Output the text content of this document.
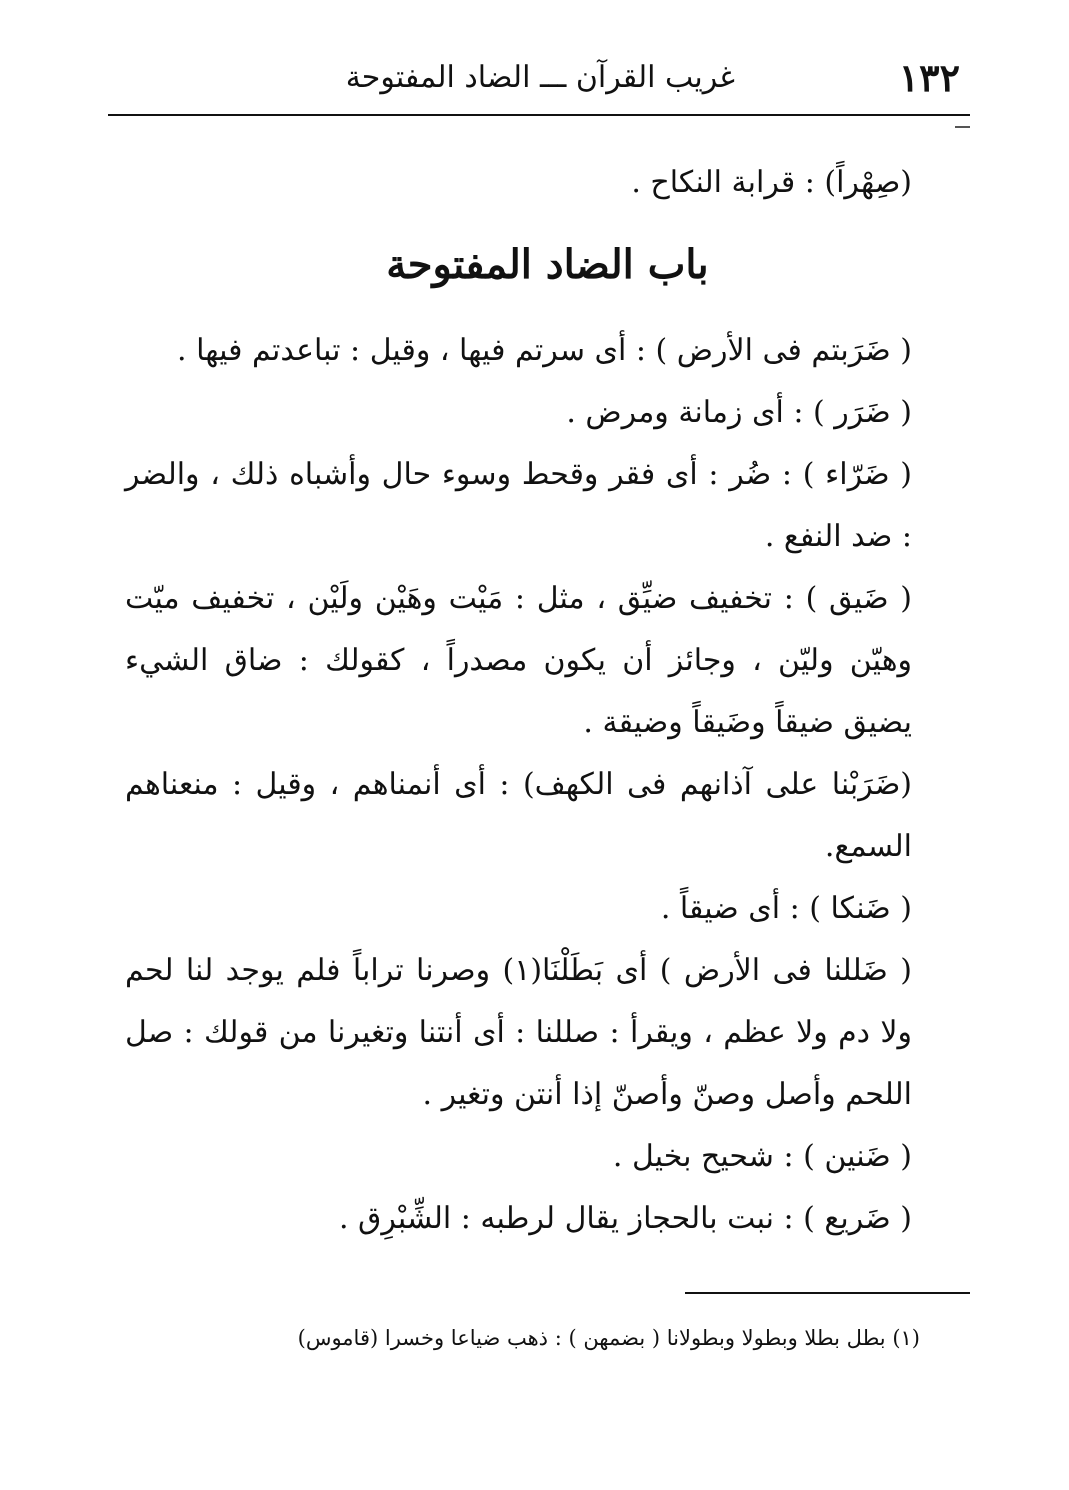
١٣٢
غريب القرآن ـــ الضاد المفتوحة

(صِهْراً) : قرابة النكاح .

باب الضاد المفتوحة

( ضَرَبتم فى الأرض ) : أى سرتم فيها ، وقيل : تباعدتم فيها .

( ضَرَر ) : أى زمانة ومرض .

( ضَرّاء ) : ضُر : أى فقر وقحط وسوء حال وأشباه ذلك ، والضر : ضد النفع .

( ضَيق ) : تخفيف ضيِّق ، مثل : مَيْت وهَيْن ولَيْن ، تخفيف ميّت وهيّن وليّن ، وجائز أن يكون مصدراً ، كقولك : ضاق الشيء يضيق ضيقاً وضَيقاً وضيقة .

(ضَرَبْنا على آذانهم فى الكهف) : أى أنمناهم ، وقيل : منعناهم السمع.

( ضَنكا ) : أى ضيقاً .

( ضَللنا فى الأرض ) أى بَطَلْنَا(١) وصرنا تراباً فلم يوجد لنا لحم ولا دم ولا عظم ، ويقرأ : صللنا : أى أنتنا وتغيرنا من قولك : صل اللحم وأصل وصنّ وأصنّ إذا أنتن وتغير .

( ضَنين ) : شحيح بخيل .

( ضَريع ) : نبت بالحجاز يقال لرطبه : الشِّبْرِق .

(١) بطل بطلا وبطولا وبطولانا ( بضمهن ) : ذهب ضياعا وخسرا (قاموس)
